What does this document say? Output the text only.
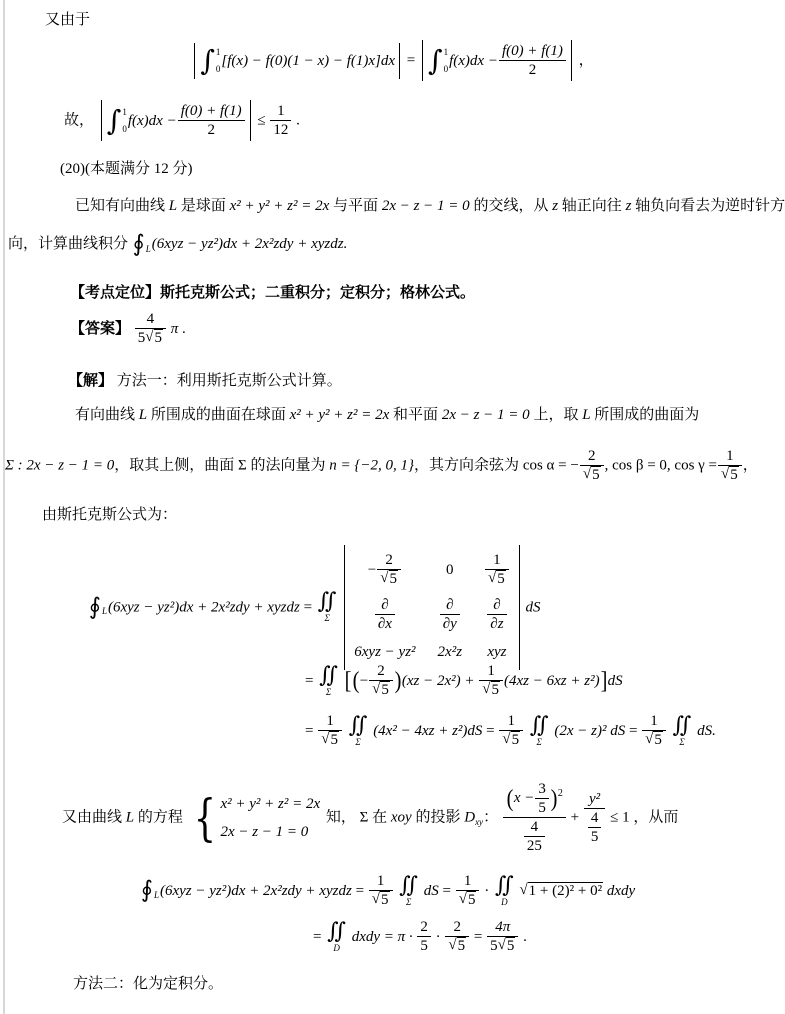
又由于
∫ 1
0
[f(x) − f(0)(1 − x) − f(1)x]dx = ∫ 1
0
$f(x)dx - \frac{f(0) + f(1)}{2}$ ，
故， ∫ 1
0
$f(x)dx - \frac{f(0) + f(1)}{2} \le \frac{1}{12}$ .
(20)(本题满分 12 分)
已知有向曲线 L 是球面 x² + y² + z² = 2x 与平面 2x − z − 1 = 0 的交线，从 z 轴正向往 z 轴负向看去为逆时针方
向，计算曲线积分 ∮ L (6xyz − yz²)dx + 2x²zdy + xyzdz.
【考点定位】斯托克斯公式；二重积分；定积分；格林公式。
【答案】 $\frac{4}{5 √ 5}$ π .
【解】 方法一：利用斯托克斯公式计算。
有向曲线 L 所围成的曲面在球面 x² + y² + z² = 2x 和平面 2x − z − 1 = 0 上，取 L 所围成的曲面为
Σ : 2x − z − 1 = 0，取其上侧，曲面 Σ 的法向量为 n = {−2, 0, 1}，其方向余弦为 cos α = − $\frac{2}{√ 5}$ , cos β = 0, $\cos \gamma = \frac{1}{√ 5}$ ，
由斯托克斯公式为：
∮ L (6xyz − yz²)dx + 2x²zdy + xyzdz = ∬
Σ

− $\frac{2}{√ 5}$	$0 \frac{1}{√ 5}$
∂
∂x
∂
∂y
∂
∂z
6xyz − yz² 2x²z xyz
dS
= ∬
Σ [(− $\frac{2}{√ 5} )(xz - 2x^2) + \frac{1}{√ 5} (4xz - 6xz + z^2)]dS$
= $\frac{1}{√ 5}$
∬
Σ
$(4x^2 - 4xz + z^2)dS = \frac{1}{√ 5}$
∬
Σ
(2x − z)² dS = $\frac{1}{√ 5}$
∬
Σ
dS.
又由曲线 L 的方程 { x² + y² + z² = 2x
2x − z − 1 = 0
知， Σ 在 xoy 的投影 $D_{xy}$： $\frac{(x - \frac{3}{5} )^2}{\frac{4}{25}} + \frac{\text{y²}}{\frac{4}{5}} \le 1$ ，从而
∮ L (6xyz − yz²)dx + 2x²zdy + xyzdz = $\frac{1}{√ 5}$
∬
Σ
dS = $\frac{1}{√ 5}$ · ∬
D

√ 1 + (2)² + 0² dxdy
= ∬
D
dxdy = $\pi \cdot \frac{2}{5} \cdot \frac{2}{√ 5} = \frac{4\pi}{5 √ 5}$ .
方法二：化为定积分。
